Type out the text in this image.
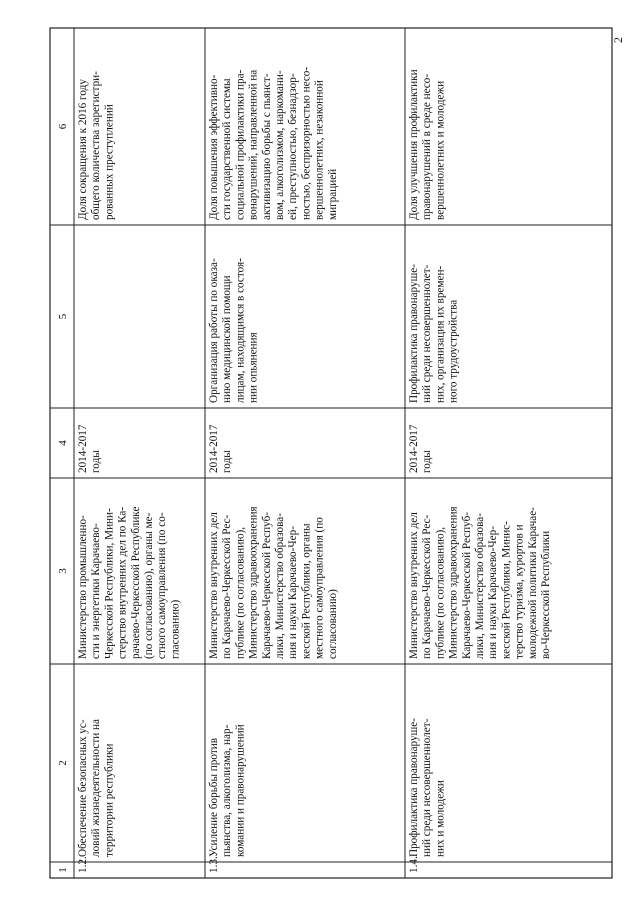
1
2
3
4
5
6
2
1.2.
Обеспечение безопасных ус- ловий жизнедеятельности на территории республики
Министерство промышленно- сти и энергетики Карачаево- Черкесской Республики, Мини- стерство внутренних дел по Ка- рачаево-Черкесской Республике (по согласованию), органы ме- стного самоуправления (по со- гласованию)
2014-2017 годы
Доля сокращения к 2016 году общего количества зарегистри- рованных преступлений
1.3.
Усиление борьбы против пьянства, алкоголизма, нар- комании и правонарушений
Министерство внутренних дел по Карачаево-Черкесской Рес- публике (по согласованию), Министерство здравоохранения Карачаево-Черкесской Респуб- лики, Министерство образова- ния и науки Карачаево-Чер- кесской Республики, органы местного самоуправления (по согласованию)
2014-2017 годы
Организация работы по оказа- нию медицинской помощи лицам, находящимся в состоя- нии опьянения
Доля повышения эффективно- сти государственной системы социальной профилактики пра- вонарушений, направленной на активизацию борьбы с пьянст- вом, алкоголизмом, наркомани- ей, преступностью, безнадзор- ностью, беспризорностью несо- вершеннолетних, незаконной миграцией
1.4.
Профилактика правонаруше- ний среди несовершеннолет- них и молодежи
Министерство внутренних дел по Карачаево-Черкесской Рес- публике (по согласованию), Министерство здравоохранения Карачаево-Черкесской Респуб- лики, Министерство образова- ния и науки Карачаево-Чер- кесской Республики, Минис- терство туризма, курортов и молодежной политики Карачае- во-Черкесской Республики
2014-2017 годы
Профилактика правонаруше- ний среди несовершеннолет- них, организация их времен- ного трудоустройства
Доля улучшения профилактики правонарушений в среде несо- вершеннолетних и молодежи
